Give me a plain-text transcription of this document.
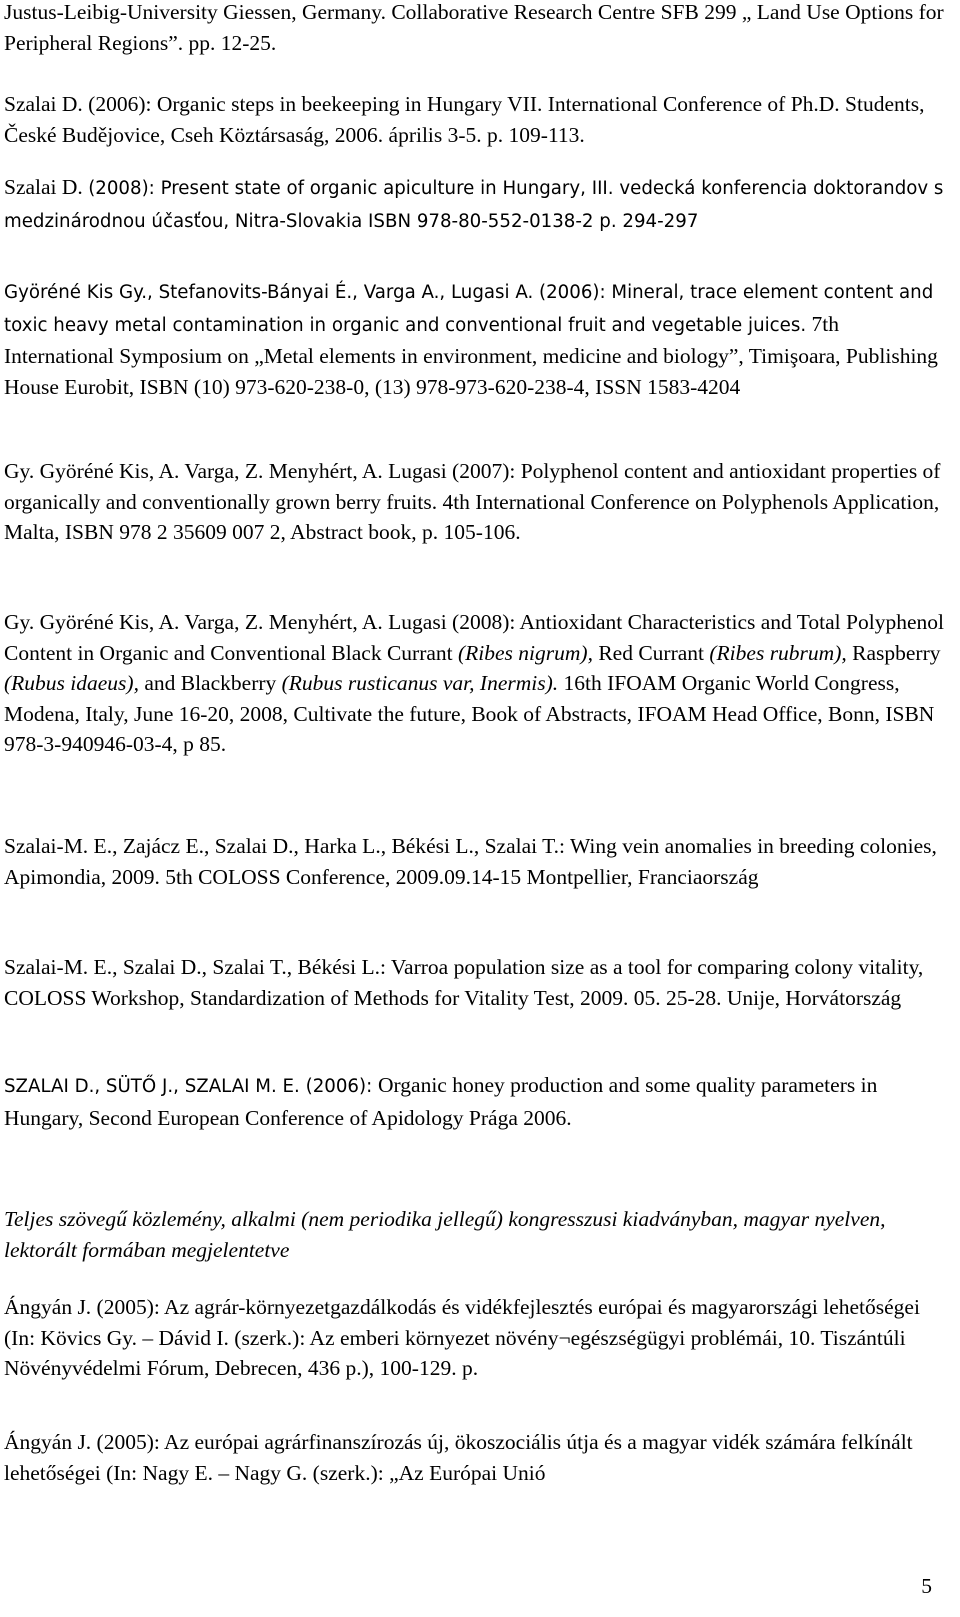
Justus-Leibig-University Giessen, Germany. Collaborative Research Centre SFB 299 „ Land Use Options for Peripheral Regions”. pp. 12-25.

Szalai D. (2006): Organic steps in beekeeping in Hungary VII. International Conference of Ph.D. Students, České Budějovice, Cseh Köztársaság, 2006. április 3-5. p. 109-113.

Szalai D. (2008): Present state of organic apiculture in Hungary, III. vedecká konferencia doktorandov s medzinárodnou účasťou, Nitra-Slovakia ISBN 978-80-552-0138-2 p. 294-297

Györéné Kis Gy., Stefanovits-Bányai É., Varga A., Lugasi A. (2006): Mineral, trace element content and toxic heavy metal contamination in organic and conventional fruit and vegetable juices. 7th International Symposium on „Metal elements in environment, medicine and biology”, Timişoara, Publishing House Eurobit, ISBN (10) 973-620-238-0, (13) 978-973-620-238-4, ISSN 1583-4204

Gy. Györéné Kis, A. Varga, Z. Menyhért, A. Lugasi (2007): Polyphenol content and antioxidant properties of organically and conventionally grown berry fruits. 4th International Conference on Polyphenols Application, Malta, ISBN 978 2 35609 007 2, Abstract book, p. 105-106.

Gy. Györéné Kis, A. Varga, Z. Menyhért, A. Lugasi (2008): Antioxidant Characteristics and Total Polyphenol Content in Organic and Conventional Black Currant (Ribes nigrum), Red Currant (Ribes rubrum), Raspberry (Rubus idaeus), and Blackberry (Rubus rusticanus var, Inermis). 16th IFOAM Organic World Congress, Modena, Italy, June 16-20, 2008, Cultivate the future, Book of Abstracts, IFOAM Head Office, Bonn, ISBN 978-3-940946-03-4, p 85.

Szalai-M. E., Zajácz E., Szalai D., Harka L., Békési L., Szalai T.: Wing vein anomalies in breeding colonies, Apimondia, 2009. 5th COLOSS Conference, 2009.09.14-15 Montpellier, Franciaország

Szalai-M. E., Szalai D., Szalai T., Békési L.: Varroa population size as a tool for comparing colony vitality, COLOSS Workshop, Standardization of Methods for Vitality Test, 2009. 05. 25-28. Unije, Horvátország

SZALAI D., SÜTŐ J., SZALAI M. E. (2006): Organic honey production and some quality parameters in Hungary, Second European Conference of Apidology Prága 2006.

Teljes szövegű közlemény, alkalmi (nem periodika jellegű) kongresszusi kiadványban, magyar nyelven, lektorált formában megjelentetve

Ángyán J. (2005): Az agrár-környezetgazdálkodás és vidékfejlesztés európai és magyarországi lehetőségei (In: Kövics Gy. – Dávid I. (szerk.): Az emberi környezet növény¬egészségügyi problémái, 10. Tiszántúli Növényvédelmi Fórum, Debrecen, 436 p.), 100-129. p.

Ángyán J. (2005): Az európai agrárfinanszírozás új, ökoszociális útja és a magyar vidék számára felkínált lehetőségei (In: Nagy E. – Nagy G. (szerk.): „Az Európai Unió

5
